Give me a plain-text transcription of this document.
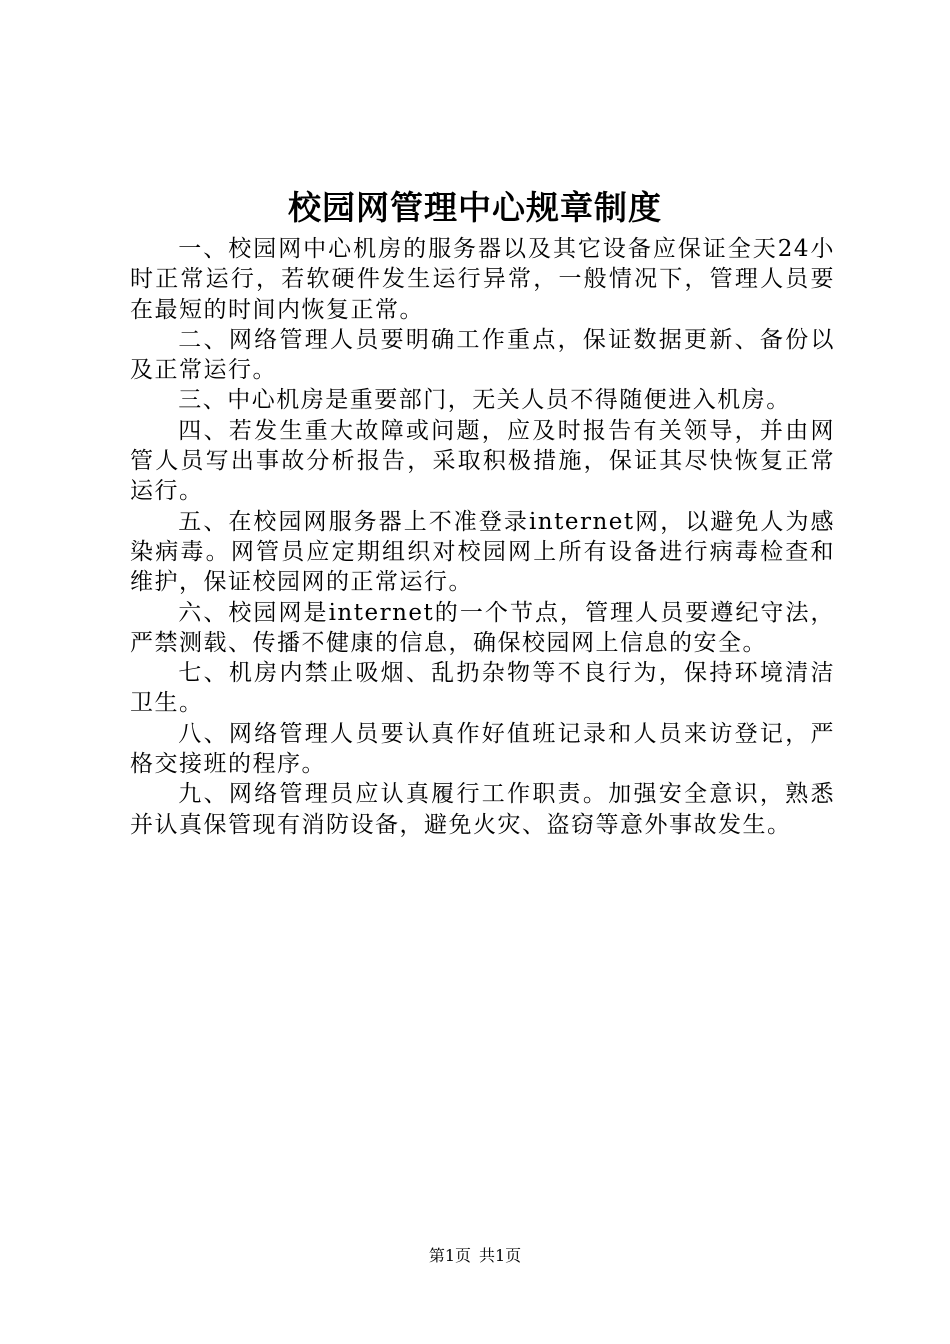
校园网管理中心规章制度

一、校园网中心机房的服务器以及其它设备应保证全天24小时正常运行，若软硬件发生运行异常，一般情况下，管理人员要在最短的时间内恢复正常。

二、网络管理人员要明确工作重点，保证数据更新、备份以及正常运行。

三、中心机房是重要部门，无关人员不得随便进入机房。

四、若发生重大故障或问题，应及时报告有关领导，并由网管人员写出事故分析报告，采取积极措施，保证其尽快恢复正常运行。

五、在校园网服务器上不准登录internet网，以避免人为感染病毒。网管员应定期组织对校园网上所有设备进行病毒检查和维护，保证校园网的正常运行。

六、校园网是internet的一个节点，管理人员要遵纪守法，严禁测载、传播不健康的信息，确保校园网上信息的安全。

七、机房内禁止吸烟、乱扔杂物等不良行为，保持环境清洁卫生。

八、网络管理人员要认真作好值班记录和人员来访登记，严格交接班的程序。

九、网络管理员应认真履行工作职责。加强安全意识，熟悉并认真保管现有消防设备，避免火灾、盗窃等意外事故发生。

第1页 共1页
